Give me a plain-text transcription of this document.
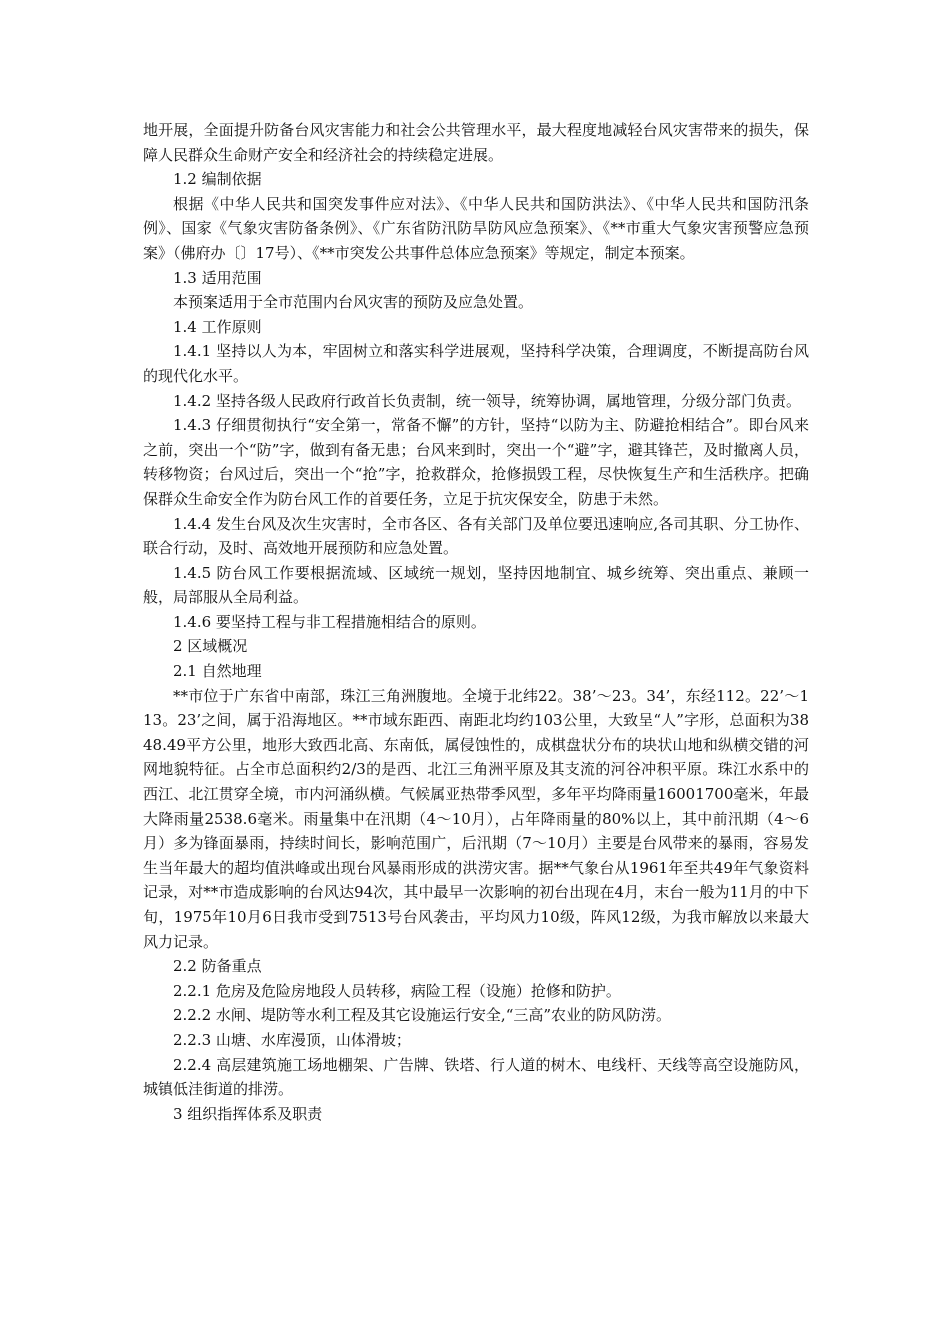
地开展，全面提升防备台风灾害能力和社会公共管理水平，最大程度地减轻台风灾害带来的损失，保障人民群众生命财产安全和经济社会的持续稳定进展。

1.2 编制依据

根据《中华人民共和国突发事件应对法》、《中华人民共和国防洪法》、《中华人民共和国防汛条例》、国家《气象灾害防备条例》、《广东省防汛防旱防风应急预案》、《**市重大气象灾害预警应急预案》（佛府办〔〕17号）、《**市突发公共事件总体应急预案》等规定，制定本预案。

1.3 适用范围

本预案适用于全市范围内台风灾害的预防及应急处置。

1.4 工作原则

1.4.1 坚持以人为本，牢固树立和落实科学进展观，坚持科学决策，合理调度，不断提高防台风的现代化水平。

1.4.2 坚持各级人民政府行政首长负责制，统一领导，统筹协调，属地管理，分级分部门负责。

1.4.3 仔细贯彻执行“安全第一，常备不懈”的方针，坚持“以防为主、防避抢相结合”。即台风来之前，突出一个“防”字，做到有备无患；台风来到时，突出一个“避”字，避其锋芒，及时撤离人员，转移物资；台风过后，突出一个“抢”字，抢救群众，抢修损毁工程，尽快恢复生产和生活秩序。把确保群众生命安全作为防台风工作的首要任务，立足于抗灾保安全，防患于未然。

1.4.4 发生台风及次生灾害时，全市各区、各有关部门及单位要迅速响应,各司其职、分工协作、联合行动，及时、高效地开展预防和应急处置。

1.4.5 防台风工作要根据流域、区域统一规划，坚持因地制宜、城乡统筹、突出重点、兼顾一般，局部服从全局利益。

1.4.6 要坚持工程与非工程措施相结合的原则。

2 区域概况

2.1 自然地理

**市位于广东省中南部，珠江三角洲腹地。全境于北纬22。38’～23。34’，东经112。22’～113。23’之间，属于沿海地区。**市域东距西、南距北均约103公里，大致呈“人”字形，总面积为3848.49平方公里，地形大致西北高、东南低，属侵蚀性的，成棋盘状分布的块状山地和纵横交错的河网地貌特征。占全市总面积约2/3的是西、北江三角洲平原及其支流的河谷冲积平原。珠江水系中的西江、北江贯穿全境，市内河涌纵横。气候属亚热带季风型，多年平均降雨量16001700毫米，年最大降雨量2538.6毫米。雨量集中在汛期（4～10月），占年降雨量的80%以上，其中前汛期（4～6月）多为锋面暴雨，持续时间长，影响范围广，后汛期（7～10月）主要是台风带来的暴雨，容易发生当年最大的超均值洪峰或出现台风暴雨形成的洪涝灾害。据**气象台从1961年至共49年气象资料记录，对**市造成影响的台风达94次，其中最早一次影响的初台出现在4月，末台一般为11月的中下旬，1975年10月6日我市受到7513号台风袭击，平均风力10级，阵风12级，为我市解放以来最大风力记录。

2.2 防备重点

2.2.1 危房及危险房地段人员转移，病险工程（设施）抢修和防护。

2.2.2 水闸、堤防等水利工程及其它设施运行安全,“三高”农业的防风防涝。

2.2.3 山塘、水库漫顶，山体滑坡；

2.2.4 高层建筑施工场地棚架、广告牌、铁塔、行人道的树木、电线杆、天线等高空设施防风，城镇低洼街道的排涝。

3 组织指挥体系及职责
